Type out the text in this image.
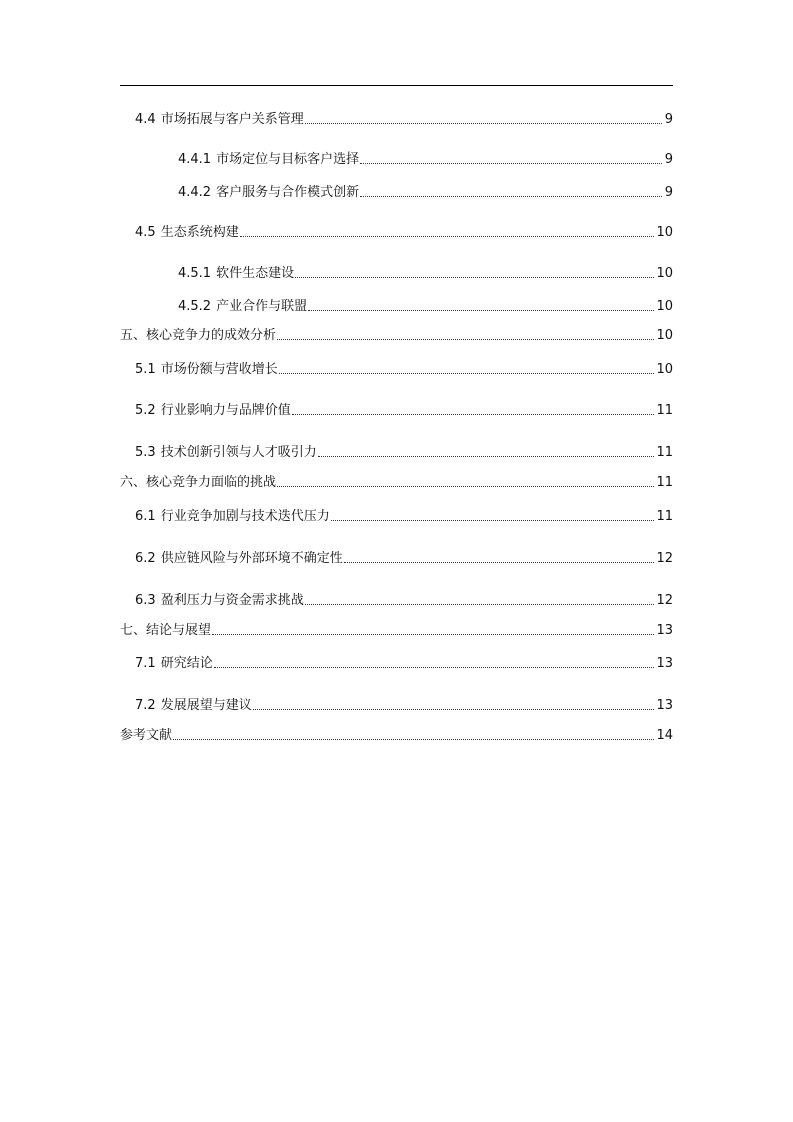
4.4 市场拓展与客户关系管理	9
4.4.1 市场定位与目标客户选择	9
4.4.2 客户服务与合作模式创新	9
4.5 生态系统构建	10
4.5.1 软件生态建设	10
4.5.2 产业合作与联盟	10
五、核心竞争力的成效分析	10
5.1 市场份额与营收增长	10
5.2 行业影响力与品牌价值	11
5.3 技术创新引领与人才吸引力	11
六、核心竞争力面临的挑战	11
6.1 行业竞争加剧与技术迭代压力	11
6.2 供应链风险与外部环境不确定性	12
6.3 盈利压力与资金需求挑战	12
七、结论与展望	13
7.1 研究结论	13
7.2 发展展望与建议	13
参考文献	14
